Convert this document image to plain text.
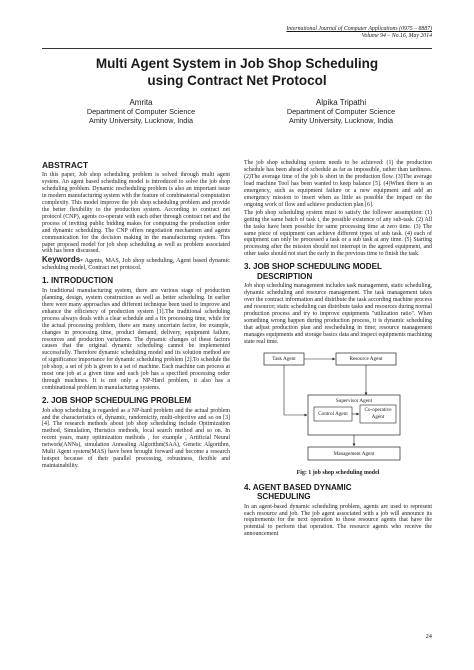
International Journal of Computer Applications (0975 – 8887)
Volume 94 – No.16, May 2014
Multi Agent System in Job Shop Scheduling
using Contract Net Protocol
Amrita
Department of Computer Science
Amity University, Lucknow, India
Alpika Tripathi
Department of Computer Science
Amity University, Lucknow, India
ABSTRACT

In this paper, Job shop scheduling problem is solved through multi agent system. An agent based scheduling model is introduced to solve the job shop scheduling problem. Dynamic rescheduling problem is also an important issue in modern manufacturing system with the feature of combinatorial computation complexity. This model improve the job shop scheduling problem and provide the better flexibility to the production system. According to contract net protocol (CNP), agents co-operate with each other through contract net and the process of inviting public bidding makes for computing the production order and dynamic scheduling. The CNP offers negotiation mechanism and agents communication for the decision making in the manufacturing system. This paper proposed model for job shop scheduling as well as problem associated with has been discussed.

Keywords- Agents, MAS, Job shop scheduling, Agent based dynamic scheduling model, Contract net protocol.

1. INTRODUCTION

In traditional manufacturing system, there are various stage of production planning, design, system construction as well as better scheduling. In earlier there were many approaches and different technique been used to improve and enhance the efficiency of production system [1].The traditional scheduling process always deals with a clear schedule and a fix processing time, while for the actual processing problem, there are many uncertain factor, for example, changes in processing time, product demand, delivery, equipment failure, resources and production variations. The dynamic changes of these factors causes that the original dynamic scheduling cannot be implemented successfully. Therefore dynamic scheduling model and its solution method are of significance importance for dynamic scheduling problem [2].To schedule the job shop, a set of job is given to a set of machine. Each machine can process at most one job at a given time and each job has a specified processing order through machines. It is not only a NP-Hard problem, it also has a combinational problem in manufacturing systems.

2. JOB SHOP SCHEDULING PROBLEM

Job shop scheduling is regarded as a NP-hard problem and the actual problem and the characteristics of, dynamic, randomicity, multi-objective and so on [3][4]. The research methods about job shop scheduling include Optimization method, Simulation, Huristics methods, local search method and so on. In recent years, many optimization methods , for example , Artificial Neural network(ANNs), simulation Annealing Algorithm(SAA), Genetic Algorithm, Multi Agent system(MAS) have been brought forward and become a research hotspot because of their parallel processing, robustness, flexible and maintainability.

The job shop scheduling system needs to be achieved: (1) the production schedule has been ahead of schedule as far as impossible, rather than tardiness. (2)The average time of the job is short in the production flow. (3)The average load machine Tool has been wanted to keep balance [5]. (4)When there is an emergency, such as equipment failure or a new equipment and add an emergency mission to insert when as little as possible the impact on the ongoing work of flow and achieve production plan [6].

The job shop scheduling system must to satisfy the follower assumption: (1) getting the same batch of task t, the possible existence of any sub-task. (2) All the tasks have been possible for same processing time at zero time. (3) The same piece of equipment can achieve different types of sub task. (4) each of equipment can only be processed a task or a sub task at any time. (5) Starting processing after the mission should not interrupt in the agreed equipment, and other tasks should not start the early in the previous time to finish the task.

3. JOB SHOP SCHEDULING MODEL
DESCRIPTION

Job shop scheduling management includes task management, static scheduling, dynamic scheduling and resource management. The task management takes over the contract information and distribute the task according machine process and resource; static scheduling can distribute tasks and resources during normal production process and try to improve equipments "utilization ratio". When something wrong happen during production process, it is dynamic scheduling that adjust production plan and rescheduling in time; resource management manages equipments and storage basics data and inspect equipments machining state real time.

Task Agent	Resource Agent
Supervisor Agent
Control Agent
Co-operative
Agent
Management Agent
Fig: 1 job shop scheduling model
4. AGENT BASED DYNAMIC
SCHEDULING

In an agent-based dynamic scheduling problem, agents are used to represent each resource and job. The job agent associated with a job will announce its requirements for the next operation to those resource agents that have the potential to perform that operation. The resource agents who receive the announcement

24
